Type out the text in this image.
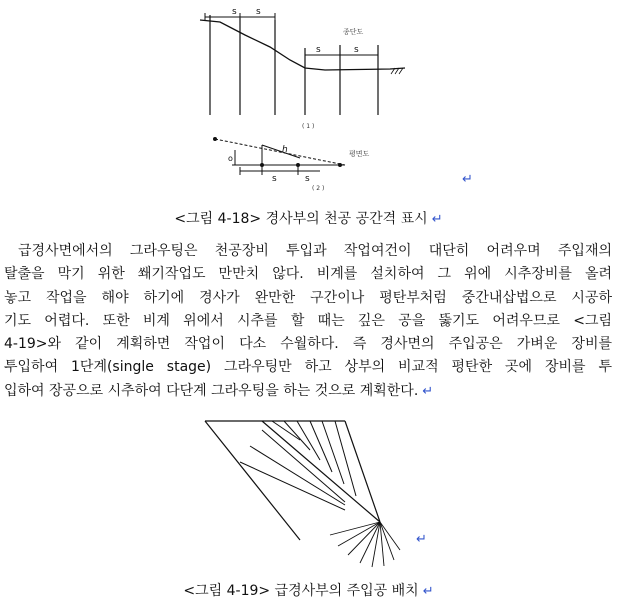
s s
s	s
종단도
( 1 )
h
o
s	s
평면도
( 2 )
↵
<그림 4-18> 경사부의 천공 공간격 표시 ↵
급경사면에서의 그라우팅은 천공장비 투입과 작업여건이 대단히 어려우며 주입재의
탈출을 막기 위한 쐐기작업도 만만치 않다. 비계를 설치하여 그 위에 시추장비를 올려
놓고 작업을 해야 하기에 경사가 완만한 구간이나 평탄부처럼 중간내삽법으로 시공하
기도 어렵다. 또한 비계 위에서 시추를 할 때는 깊은 공을 뚫기도 어려우므로 <그림
4-19>와 같이 계획하면 작업이 다소 수월하다. 즉 경사면의 주입공은 가벼운 장비를
투입하여 1단계(single stage) 그라우팅만 하고 상부의 비교적 평탄한 곳에 장비를 투
입하여 장공으로 시추하여 다단계 그라우팅을 하는 것으로 계획한다. ↵
↵
<그림 4-19> 급경사부의 주입공 배치 ↵
